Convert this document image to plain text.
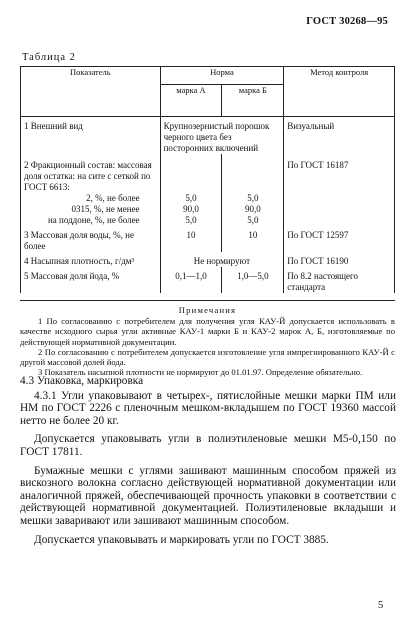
ГОСТ 30268—95
Таблица 2
Показатель	Норма		Метод контроля
	марка А	марка Б	
1 Внешний вид	Крупнозернистый порошок черного цвета без посторонних включений		Визуальный
2 Фракционный состав: массовая доля остатка: на сите с сеткой по ГОСТ 6613:			По ГОСТ 16187
2, %, не более	5,0	5,0	
0315, %, не менее	90,0	90,0	
на поддоне, %, не более	5,0	5,0	
3 Массовая доля воды, %, не более	10	10	По ГОСТ 12597
4 Насыпная плотность, г/дм³	Не нормируют		По ГОСТ 16190
5 Массовая доля йода, %	0,1—1,0	1,0—5,0	По 8.2 настоящего стандарта
Примечания

1 По согласованию с потребителем для получения угля КАУ-Й допускается использовать в качестве исходного сырья угли активные КАУ-1 марки Б и КАУ-2 марок А, Б, изготовляемые по действующей нормативной документации.

2 По согласованию с потребителем допускается изготовление угля импрегнированного КАУ-Й с другой массовой долей йода.

3 Показатель насыпной плотности не нормируют до 01.01.97. Определение обязательно.

4.3 Упаковка, маркировка

4.3.1 Угли упаковывают в четырех-, пятислойные мешки марки ПМ или НМ по ГОСТ 2226 с пленочным мешком-вкладышем по ГОСТ 19360 массой нетто не более 20 кг.

Допускается упаковывать угли в полиэтиленовые мешки М5-0,150 по ГОСТ 17811.

Бумажные мешки с углями зашивают машинным способом пряжей из вискозного волокна согласно действующей нормативной документации или аналогичной пряжей, обеспечивающей прочность упаковки в соответствии с действующей нормативной документацией. Полиэтиленовые вкладыши и мешки заваривают или зашивают машинным способом.

Допускается упаковывать и маркировать угли по ГОСТ 3885.

5
